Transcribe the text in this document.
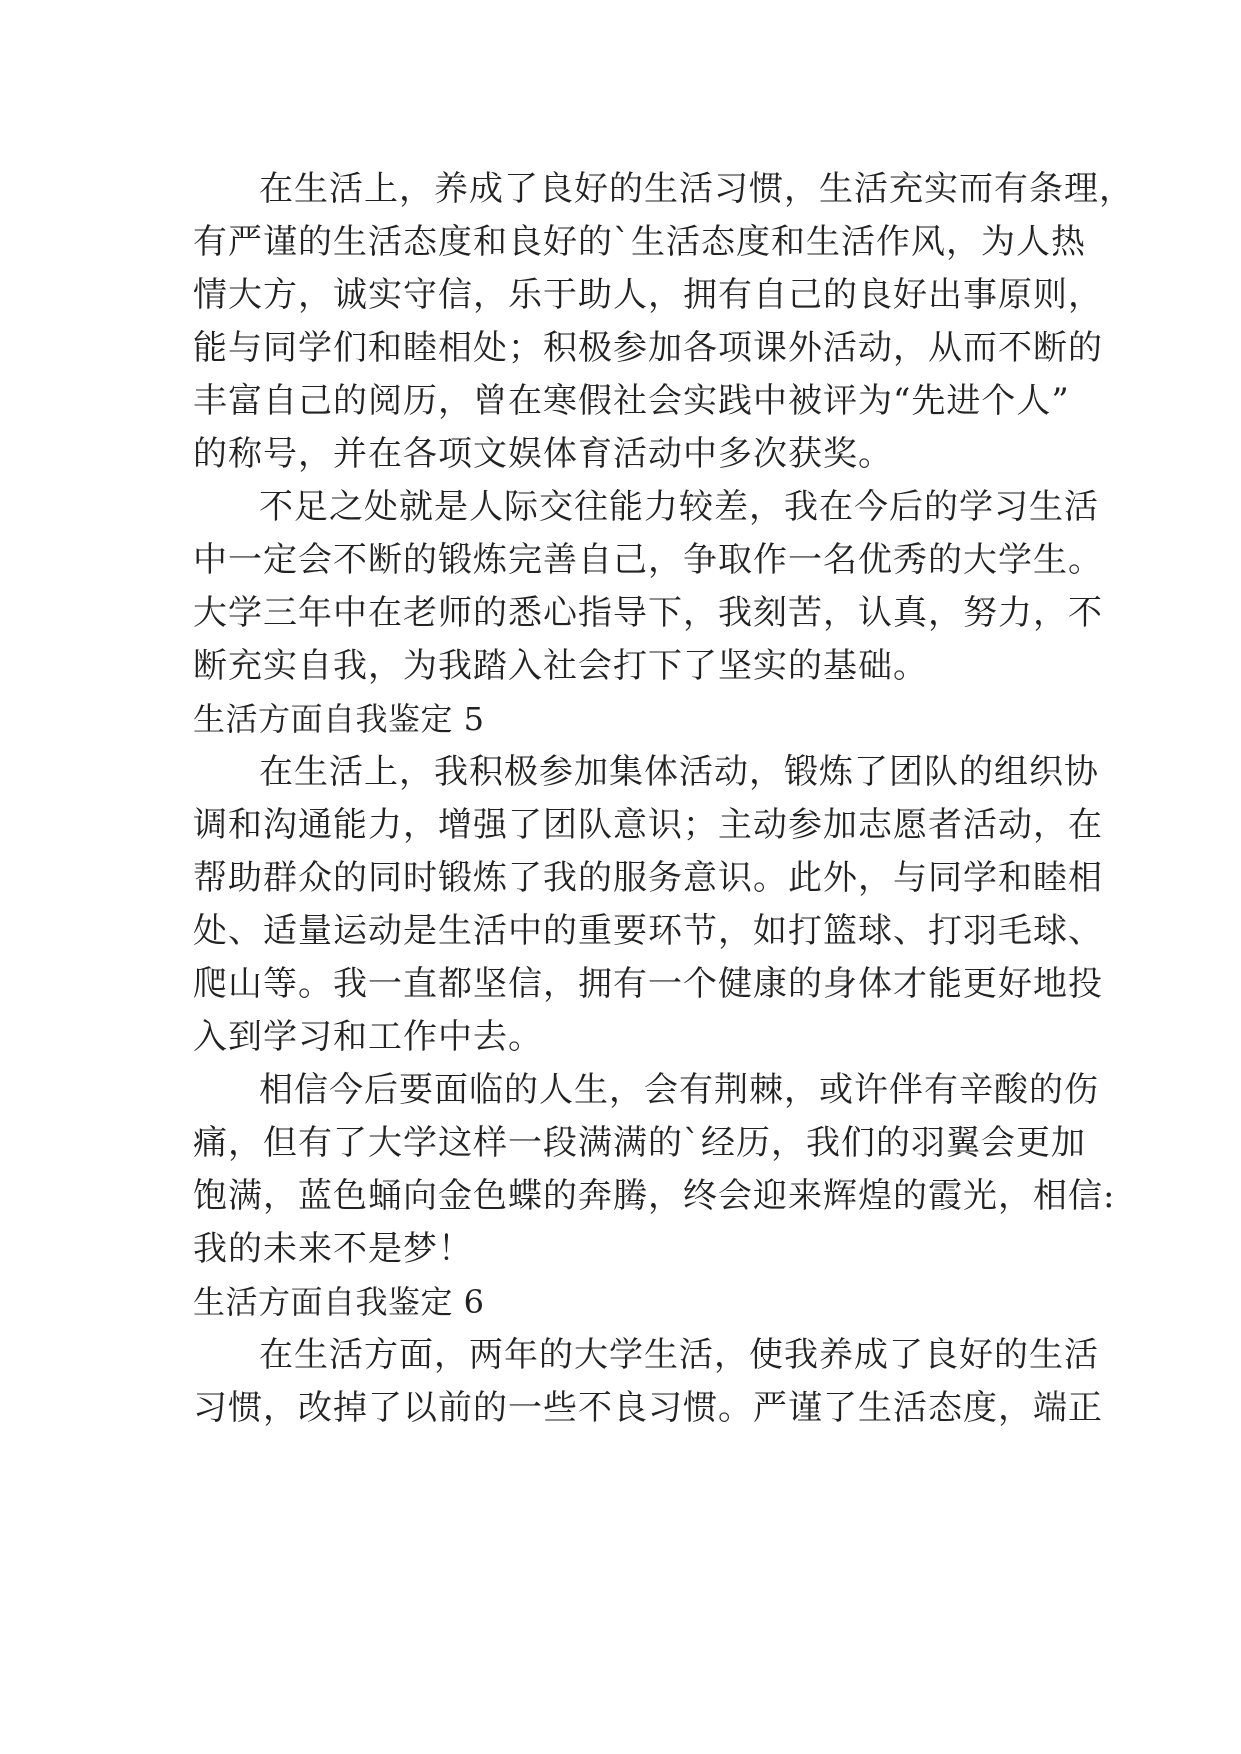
在生活上，养成了良好的生活习惯，生活充实而有条理，
有严谨的生活态度和良好的`生活态度和生活作风，为人热
情大方，诚实守信，乐于助人，拥有自己的良好出事原则，
能与同学们和睦相处；积极参加各项课外活动，从而不断的
丰富自己的阅历，曾在寒假社会实践中被评为“先进个人”
的称号，并在各项文娱体育活动中多次获奖。
不足之处就是人际交往能力较差，我在今后的学习生活
中一定会不断的锻炼完善自己，争取作一名优秀的大学生。
大学三年中在老师的悉心指导下，我刻苦，认真，努力，不
断充实自我，为我踏入社会打下了坚实的基础。
生活方面自我鉴定 5
在生活上，我积极参加集体活动，锻炼了团队的组织协
调和沟通能力，增强了团队意识；主动参加志愿者活动，在
帮助群众的同时锻炼了我的服务意识。此外，与同学和睦相
处、适量运动是生活中的重要环节，如打篮球、打羽毛球、
爬山等。我一直都坚信，拥有一个健康的身体才能更好地投
入到学习和工作中去。
相信今后要面临的人生，会有荆棘，或许伴有辛酸的伤
痛，但有了大学这样一段满满的`经历，我们的羽翼会更加
饱满，蓝色蛹向金色蝶的奔腾，终会迎来辉煌的霞光，相信:
我的未来不是梦！
生活方面自我鉴定 6
在生活方面，两年的大学生活，使我养成了良好的生活
习惯，改掉了以前的一些不良习惯。严谨了生活态度，端正
